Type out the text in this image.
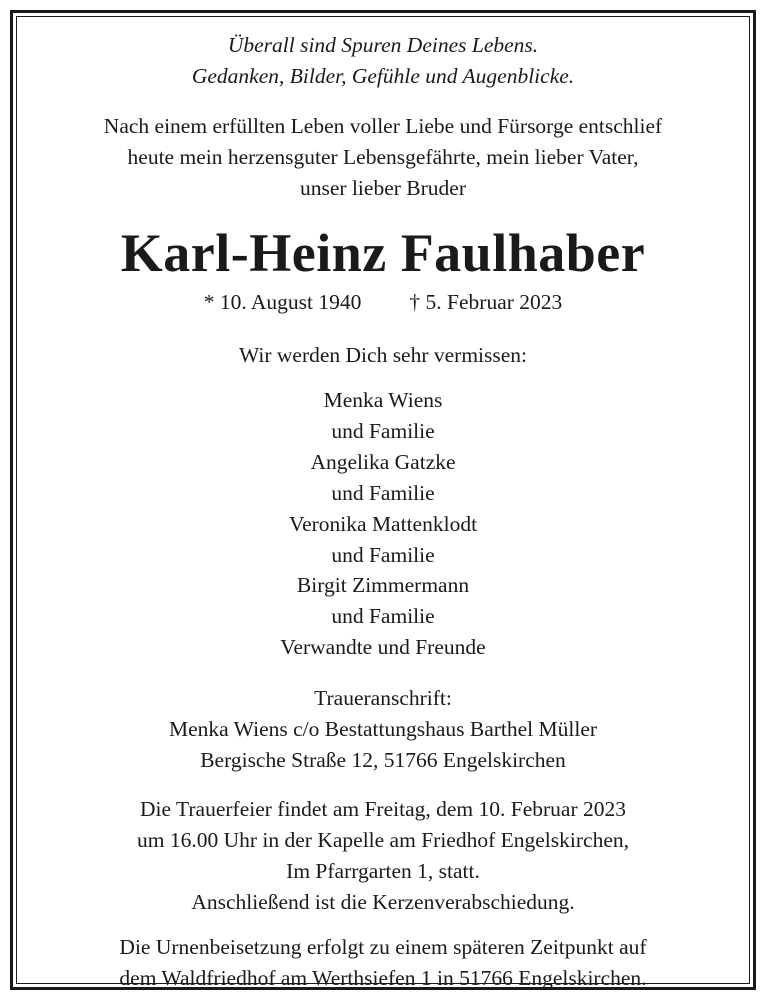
Überall sind Spuren Deines Lebens.
Gedanken, Bilder, Gefühle und Augenblicke.
Nach einem erfüllten Leben voller Liebe und Fürsorge entschlief
heute mein herzensguter Lebensgefährte, mein lieber Vater,
unser lieber Bruder
Karl-Heinz Faulhaber
* 10. August 1940 † 5. Februar 2023
Wir werden Dich sehr vermissen:
Menka Wiens
und Familie
Angelika Gatzke
und Familie
Veronika Mattenklodt
und Familie
Birgit Zimmermann
und Familie
Verwandte und Freunde
Traueranschrift:
Menka Wiens c/o Bestattungshaus Barthel Müller
Bergische Straße 12, 51766 Engelskirchen
Die Trauerfeier findet am Freitag, dem 10. Februar 2023
um 16.00 Uhr in der Kapelle am Friedhof Engelskirchen,
Im Pfarrgarten 1, statt.
Anschließend ist die Kerzenverabschiedung.
Die Urnenbeisetzung erfolgt zu einem späteren Zeitpunkt auf
dem Waldfriedhof am Werthsiefen 1 in 51766 Engelskirchen.
